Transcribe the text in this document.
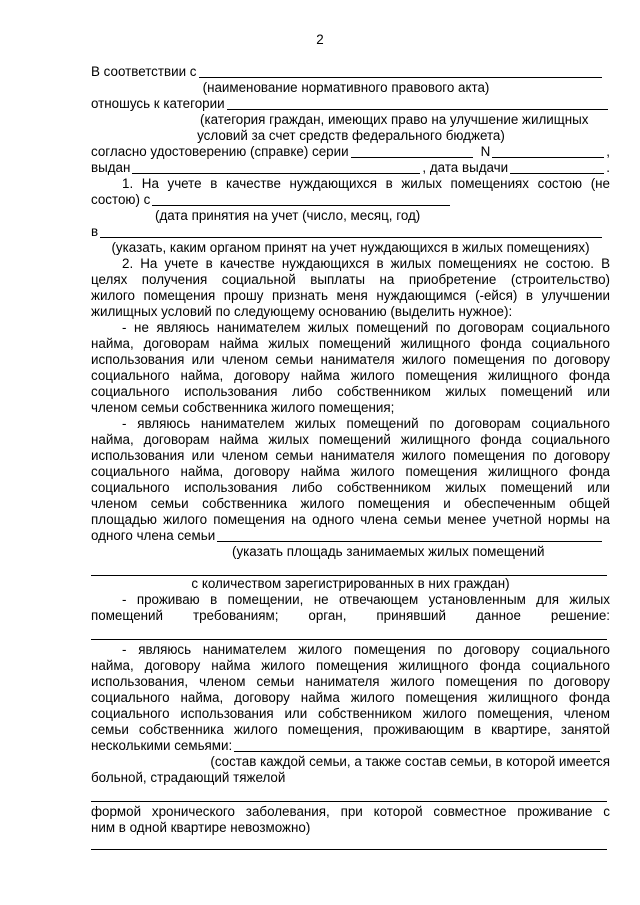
2
В соответствии с
(наименование нормативного правового акта)
отношусь к категории
(категория граждан, имеющих право на улучшение жилищных
условий за счет средств федерального бюджета)
согласно удостоверению (справке) серии	N	,
выдан	, дата выдачи	.
1. На учете в качестве нуждающихся в жилых помещениях состою (не
состою) с
(дата принятия на учет (число, месяц, год)
в
(указать, каким органом принят на учет нуждающихся в жилых помещениях)
2. На учете в качестве нуждающихся в жилых помещениях не состою. В
целях получения социальной выплаты на приобретение (строительство)
жилого помещения прошу признать меня нуждающимся (-ейся) в улучшении
жилищных условий по следующему основанию (выделить нужное):
- не являюсь нанимателем жилых помещений по договорам социального
найма, договорам найма жилых помещений жилищного фонда социального
использования или членом семьи нанимателя жилого помещения по договору
социального найма, договору найма жилого помещения жилищного фонда
социального использования либо собственником жилых помещений или
членом семьи собственника жилого помещения;
- являюсь нанимателем жилых помещений по договорам социального
найма, договорам найма жилых помещений жилищного фонда социального
использования или членом семьи нанимателя жилого помещения по договору
социального найма, договору найма жилого помещения жилищного фонда
социального использования либо собственником жилых помещений или
членом семьи собственника жилого помещения и обеспеченным общей
площадью жилого помещения на одного члена семьи менее учетной нормы на
одного члена семьи
(указать площадь занимаемых жилых помещений
с количеством зарегистрированных в них граждан)
- проживаю в помещении, не отвечающем установленным для жилых
помещений требованиям; орган, принявший данное решение:
- являюсь нанимателем жилого помещения по договору социального
найма, договору найма жилого помещения жилищного фонда социального
использования, членом семьи нанимателя жилого помещения по договору
социального найма, договору найма жилого помещения жилищного фонда
социального использования или собственником жилого помещения, членом
семьи собственника жилого помещения, проживающим в квартире, занятой
несколькими семьями:
(состав каждой семьи, а также состав семьи, в которой имеется
больной, страдающий тяжелой
формой хронического заболевания, при которой совместное проживание с
ним в одной квартире невозможно)
